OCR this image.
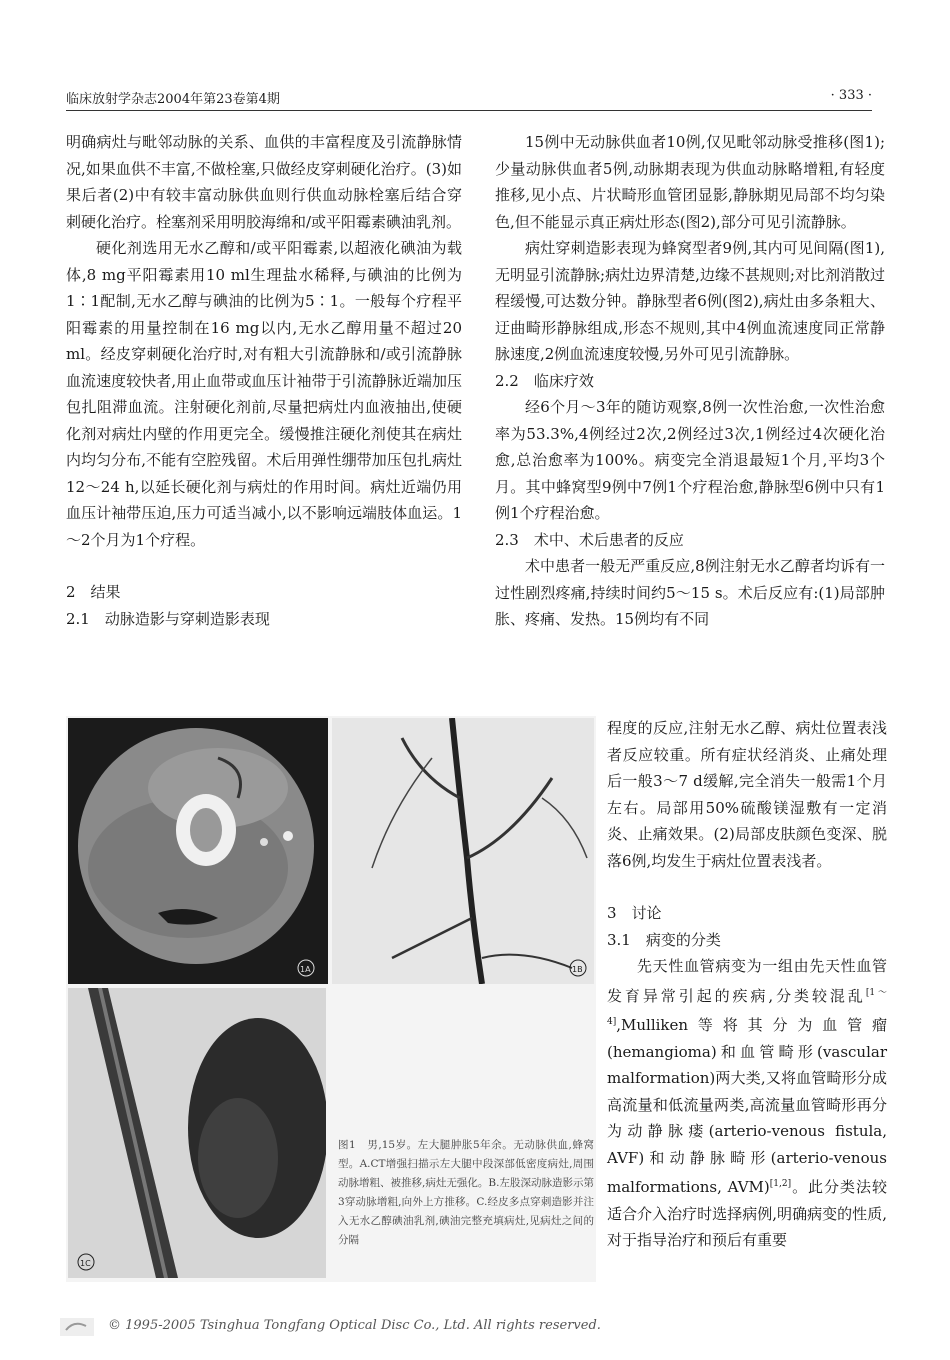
临床放射学杂志2004年第23卷第4期	· 333 ·

明确病灶与毗邻动脉的关系、血供的丰富程度及引流静脉情况,如果血供不丰富,不做栓塞,只做经皮穿刺硬化治疗。(3)如果后者(2)中有较丰富动脉供血则行供血动脉栓塞后结合穿刺硬化治疗。栓塞剂采用明胶海绵和/或平阳霉素碘油乳剂。

硬化剂选用无水乙醇和/或平阳霉素,以超液化碘油为载体,8 mg平阳霉素用10 ml生理盐水稀释,与碘油的比例为1∶1配制,无水乙醇与碘油的比例为5∶1。一般每个疗程平阳霉素的用量控制在16 mg以内,无水乙醇用量不超过20 ml。经皮穿刺硬化治疗时,对有粗大引流静脉和/或引流静脉血流速度较快者,用止血带或血压计袖带于引流静脉近端加压包扎阻滞血流。注射硬化剂前,尽量把病灶内血液抽出,使硬化剂对病灶内壁的作用更完全。缓慢推注硬化剂使其在病灶内均匀分布,不能有空腔残留。术后用弹性绷带加压包扎病灶12～24 h,以延长硬化剂与病灶的作用时间。病灶近端仍用血压计袖带压迫,压力可适当减小,以不影响远端肢体血运。1～2个月为1个疗程。

2　结果

2.1　动脉造影与穿刺造影表现

15例中无动脉供血者10例,仅见毗邻动脉受推移(图1);少量动脉供血者5例,动脉期表现为供血动脉略增粗,有轻度推移,见小点、片状畸形血管团显影,静脉期见局部不均匀染色,但不能显示真正病灶形态(图2),部分可见引流静脉。

病灶穿刺造影表现为蜂窝型者9例,其内可见间隔(图1),无明显引流静脉;病灶边界清楚,边缘不甚规则;对比剂消散过程缓慢,可达数分钟。静脉型者6例(图2),病灶由多条粗大、迂曲畸形静脉组成,形态不规则,其中4例血流速度同正常静脉速度,2例血流速度较慢,另外可见引流静脉。

2.2　临床疗效

经6个月～3年的随访观察,8例一次性治愈,一次性治愈率为53.3%,4例经过2次,2例经过3次,1例经过4次硬化治愈,总治愈率为100%。病变完全消退最短1个月,平均3个月。其中蜂窝型9例中7例1个疗程治愈,静脉型6例中只有1例1个疗程治愈。

2.3　术中、术后患者的反应

术中患者一般无严重反应,8例注射无水乙醇者均诉有一过性剧烈疼痛,持续时间约5～15 s。术后反应有:(1)局部肿胀、疼痛、发热。15例均有不同

程度的反应,注射无水乙醇、病灶位置表浅者反应较重。所有症状经消炎、止痛处理后一般3～7 d缓解,完全消失一般需1个月左右。局部用50%硫酸镁湿敷有一定消炎、止痛效果。(2)局部皮肤颜色变深、脱落6例,均发生于病灶位置表浅者。

3　讨论

3.1　病变的分类

先天性血管病变为一组由先天性血管发育异常引起的疾病,分类较混乱[1～4],Mulliken等将其分为血管瘤(hemangioma)和血管畸形(vascular malformation)两大类,又将血管畸形分成高流量和低流量两类,高流量血管畸形再分为动静脉瘘(arterio-venous fistula, AVF)和动静脉畸形(arterio-venous malformations, AVM)[1,2]。此分类法较适合介入治疗时选择病例,明确病变的性质,对于指导治疗和预后有重要

1A	1B
1C
图1　男,15岁。左大腿肿胀5年余。无动脉供血,蜂窝型。A.CT增强扫描示左大腿中段深部低密度病灶,周围动脉增粗、被推移,病灶无强化。B.左股深动脉造影示第3穿动脉增粗,向外上方推移。C.经皮多点穿刺造影并注入无水乙醇碘油乳剂,碘油完整充填病灶,见病灶之间的分隔
© 1995-2005 Tsinghua Tongfang Optical Disc Co., Ltd. All rights reserved.
